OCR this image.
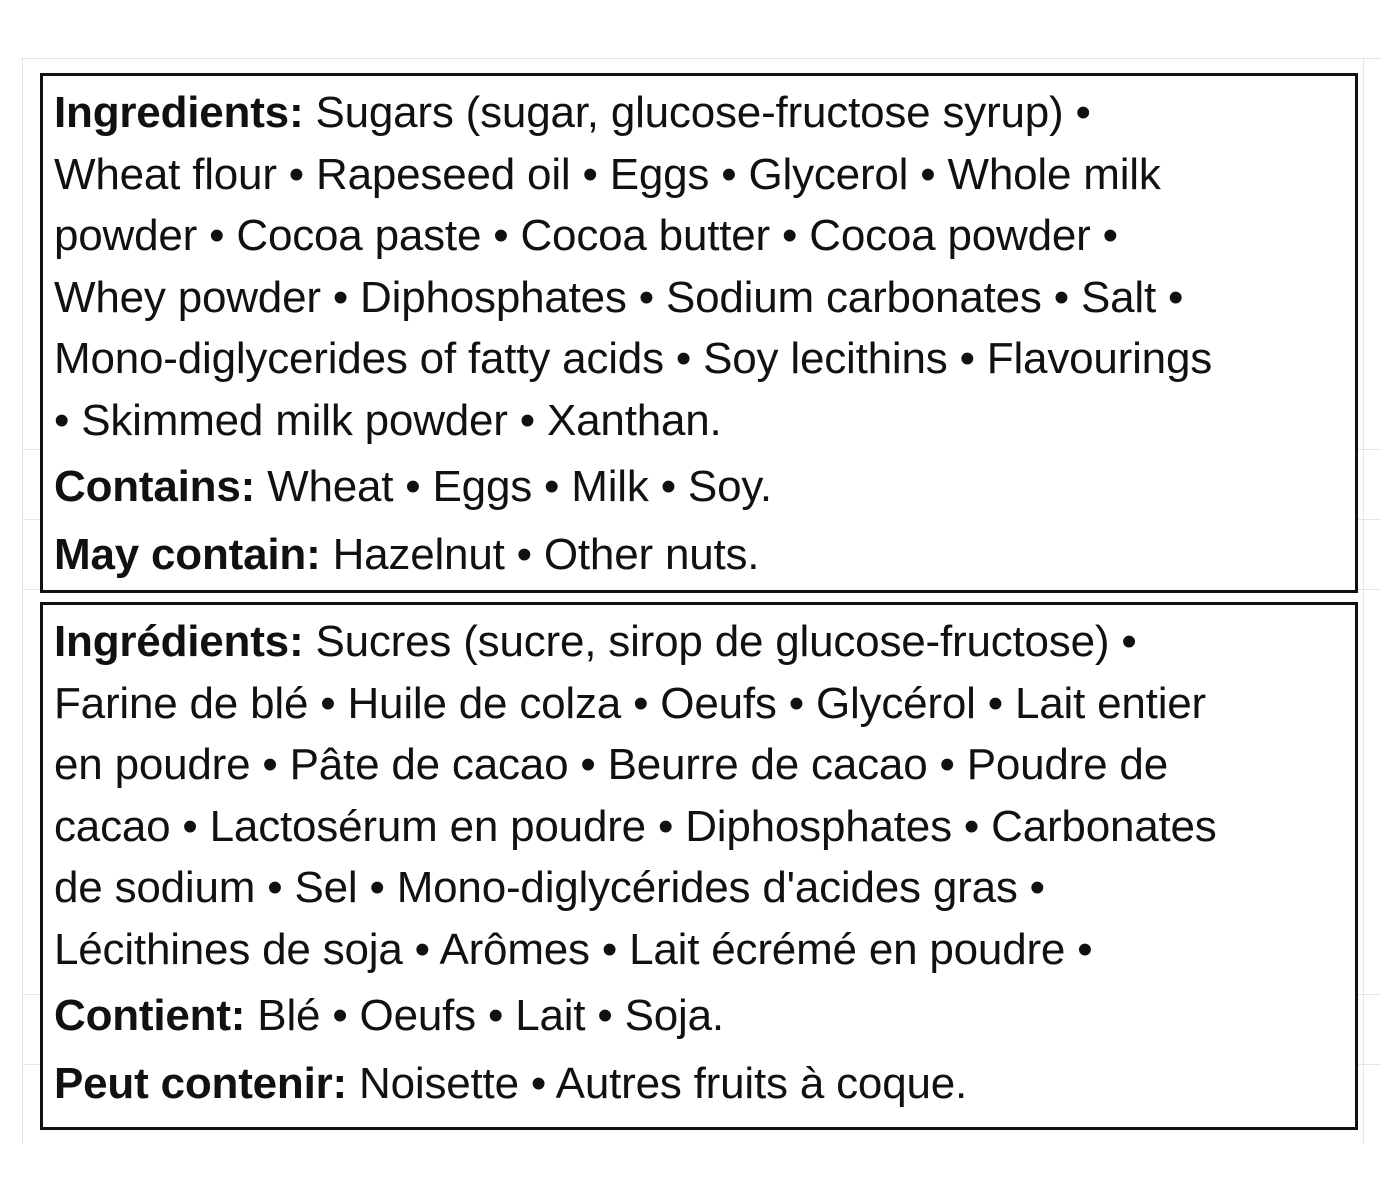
Ingredients: Sugars (sugar, glucose-fructose syrup) •
Wheat flour • Rapeseed oil • Eggs • Glycerol • Whole milk
powder • Cocoa paste • Cocoa butter • Cocoa powder •
Whey powder • Diphosphates • Sodium carbonates • Salt •
Mono-diglycerides of fatty acids • Soy lecithins • Flavourings
• Skimmed milk powder • Xanthan.

Contains: Wheat • Eggs • Milk • Soy.

May contain: Hazelnut • Other nuts.

Ingrédients: Sucres (sucre, sirop de glucose-fructose) •
Farine de blé • Huile de colza • Oeufs • Glycérol • Lait entier
en poudre • Pâte de cacao • Beurre de cacao • Poudre de
cacao • Lactosérum en poudre • Diphosphates • Carbonates
de sodium • Sel • Mono-diglycérides d'acides gras •
Lécithines de soja • Arômes • Lait écrémé en poudre •

Contient: Blé • Oeufs • Lait • Soja.

Peut contenir: Noisette • Autres fruits à coque.
